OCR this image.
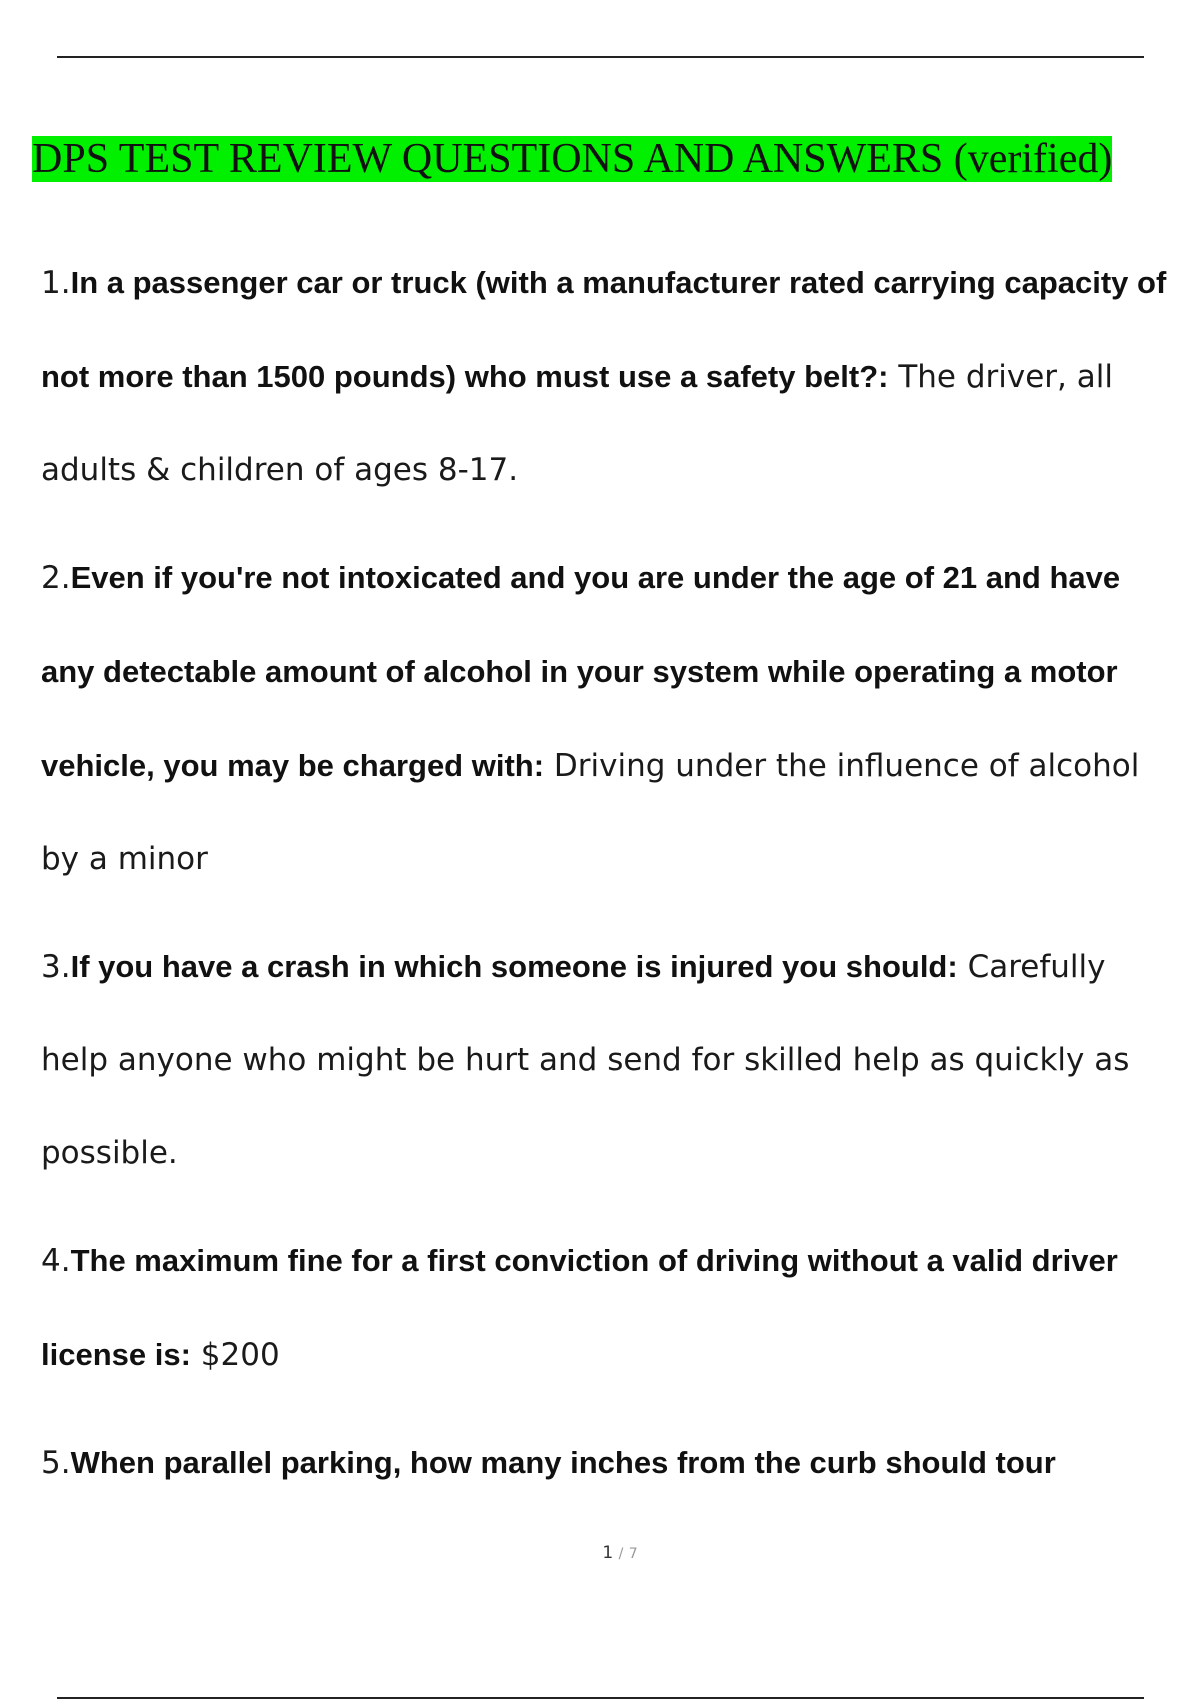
DPS TEST REVIEW QUESTIONS AND ANSWERS (verified)
1.In a passenger car or truck (with a manufacturer rated carrying capacity of not more than 1500 pounds) who must use a safety belt?: The driver, all adults & children of ages 8-17.
2.Even if you're not intoxicated and you are under the age of 21 and have any detectable amount of alcohol in your system while operating a motor vehicle, you may be charged with: Driving under the influence of alcohol by a minor
3.If you have a crash in which someone is injured you should: Carefully help anyone who might be hurt and send for skilled help as quickly as possible.
4.The maximum fine for a first conviction of driving without a valid driver license is: $200
5.When parallel parking, how many inches from the curb should tour
1 / 7
